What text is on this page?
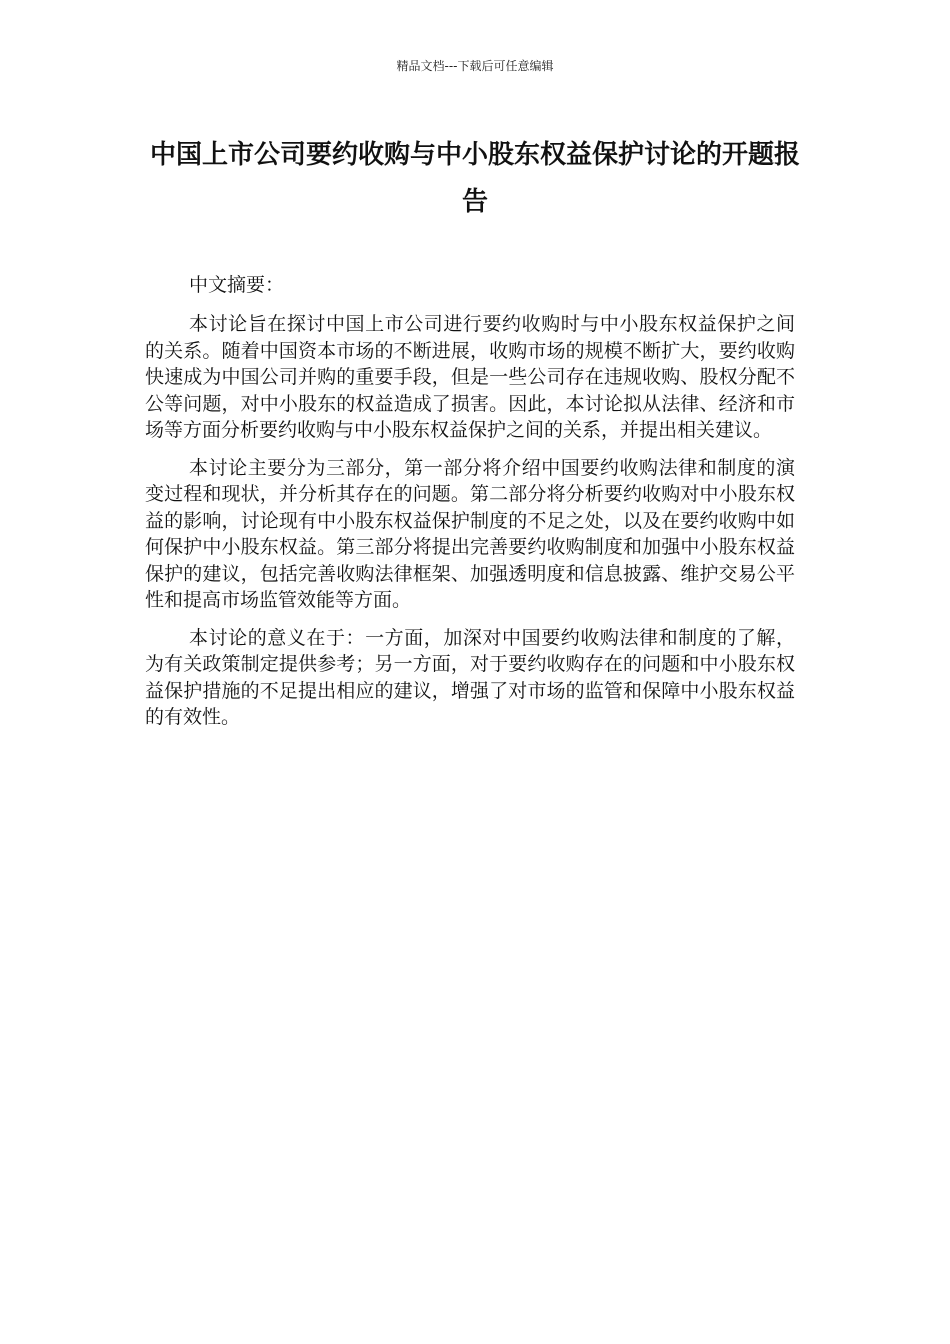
精品文档---下载后可任意编辑
中国上市公司要约收购与中小股东权益保护讨论的开题报告

中文摘要：

本讨论旨在探讨中国上市公司进行要约收购时与中小股东权益保护之间的关系。随着中国资本市场的不断进展，收购市场的规模不断扩大，要约收购快速成为中国公司并购的重要手段，但是一些公司存在违规收购、股权分配不公等问题，对中小股东的权益造成了损害。因此，本讨论拟从法律、经济和市场等方面分析要约收购与中小股东权益保护之间的关系，并提出相关建议。

本讨论主要分为三部分，第一部分将介绍中国要约收购法律和制度的演变过程和现状，并分析其存在的问题。第二部分将分析要约收购对中小股东权益的影响，讨论现有中小股东权益保护制度的不足之处，以及在要约收购中如何保护中小股东权益。第三部分将提出完善要约收购制度和加强中小股东权益保护的建议，包括完善收购法律框架、加强透明度和信息披露、维护交易公平性和提高市场监管效能等方面。

本讨论的意义在于：一方面，加深对中国要约收购法律和制度的了解，为有关政策制定提供参考；另一方面，对于要约收购存在的问题和中小股东权益保护措施的不足提出相应的建议，增强了对市场的监管和保障中小股东权益的有效性。
